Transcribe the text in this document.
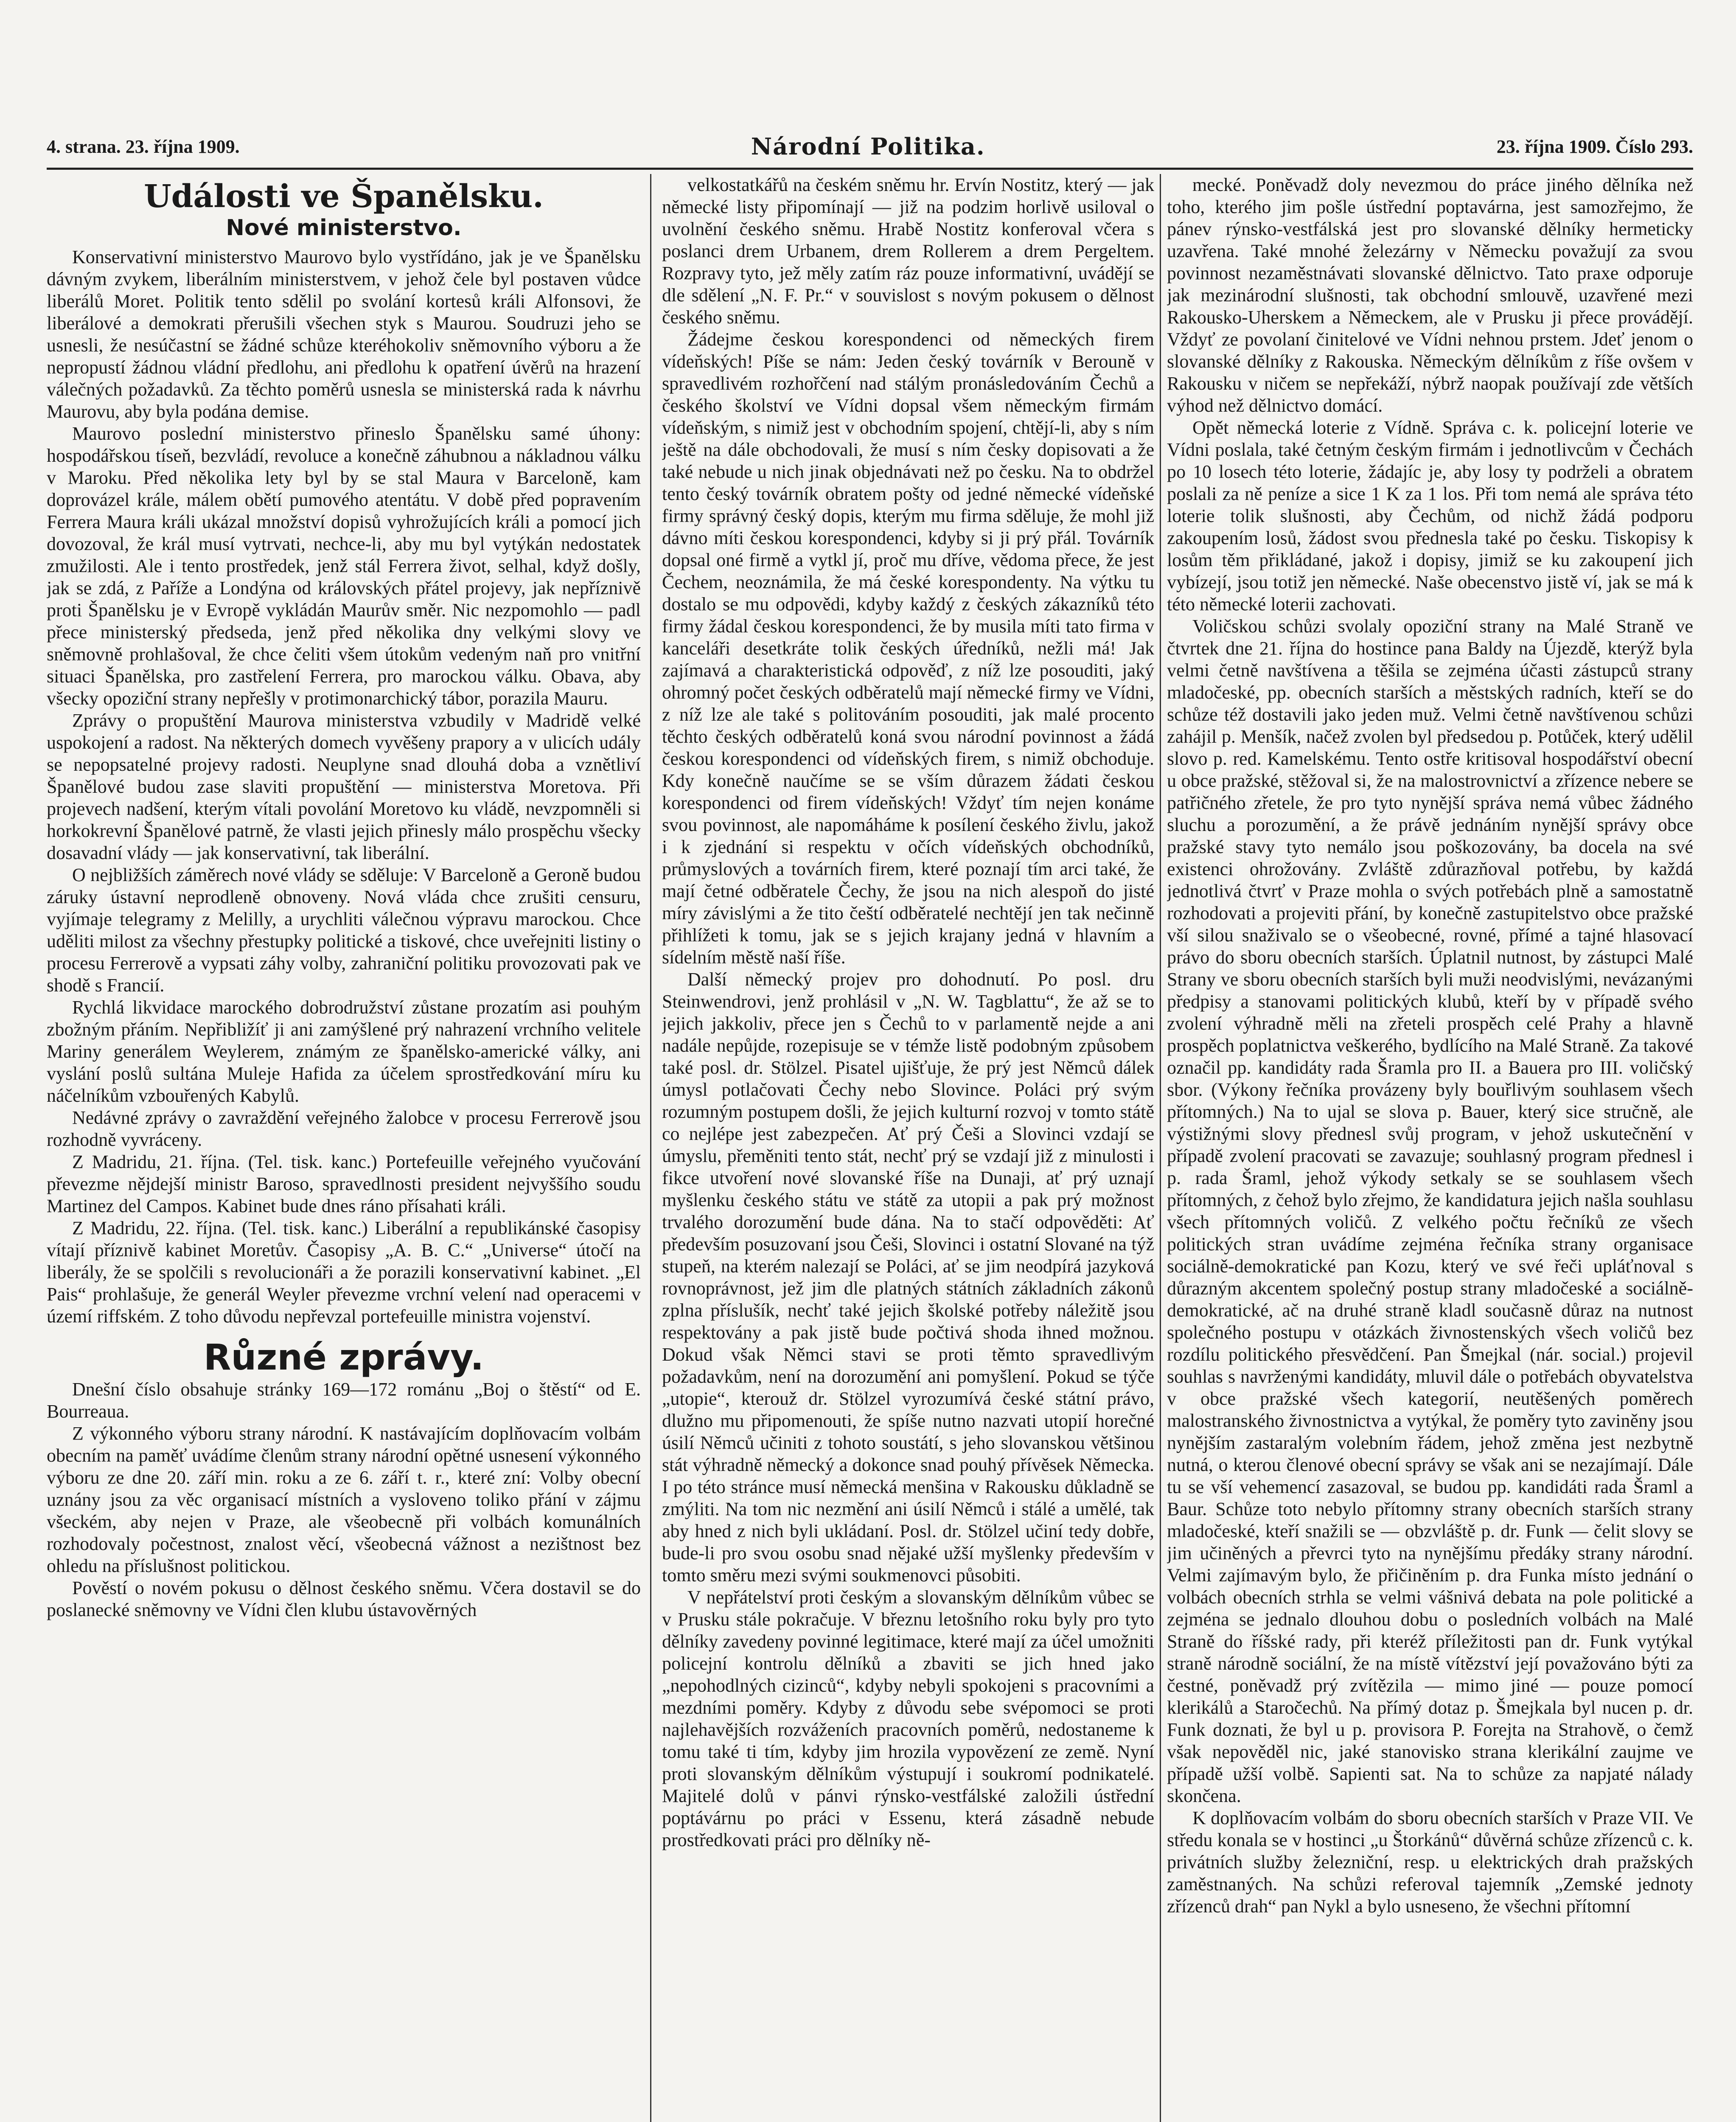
4. strana. 23. října 1909.	Národní Politika.	23. října 1909. Číslo 293.
Události ve Španělsku.
Nové ministerstvo.

Konservativní ministerstvo Maurovo bylo vystřídáno, jak je ve Španělsku dávným zvykem, liberálním ministerstvem, v jehož čele byl postaven vůdce liberálů Moret. Politik tento sdělil po svolání kortesů králi Alfonsovi, že liberálové a demokrati přerušili všechen styk s Maurou. Soudruzi jeho se usnesli, že nesúčastní se žádné schůze kteréhokoliv sněmovního výboru a že nepropustí žádnou vládní předlohu, ani předlohu k opatření úvěrů na hrazení válečných požadavků. Za těchto poměrů usnesla se ministerská rada k návrhu Maurovu, aby byla podána demise.

Maurovo poslední ministerstvo přineslo Španělsku samé úhony: hospodářskou tíseň, bezvládí, revoluce a konečně záhubnou a nákladnou válku v Maroku. Před několika lety byl by se stal Maura v Barceloně, kam doprovázel krále, málem obětí pumového atentátu. V době před popravením Ferrera Maura králi ukázal množství dopisů vyhrožujících králi a pomocí jich dovozoval, že král musí vytrvati, nechce-li, aby mu byl vytýkán nedostatek zmužilosti. Ale i tento prostředek, jenž stál Ferrera život, selhal, když došly, jak se zdá, z Paříže a Londýna od královských přátel projevy, jak nepříznivě proti Španělsku je v Evropě vykládán Maurův směr. Nic nezpomohlo — padl přece ministerský předseda, jenž před několika dny velkými slovy ve sněmovně prohlašoval, že chce čeliti všem útokům vedeným naň pro vnitřní situaci Španělska, pro zastřelení Ferrera, pro marockou válku. Obava, aby všecky opoziční strany nepřešly v protimonarchický tábor, porazila Mauru.

Zprávy o propuštění Maurova ministerstva vzbudily v Madridě velké uspokojení a radost. Na některých domech vyvěšeny prapory a v ulicích udály se nepopsatelné projevy radosti. Neuplyne snad dlouhá doba a vznětliví Španělové budou zase slaviti propuštění — ministerstva Moretova. Při projevech nadšení, kterým vítali povolání Moretovo ku vládě, nevzpomněli si horkokrevní Španělové patrně, že vlasti jejich přinesly málo prospěchu všecky dosavadní vlády — jak konservativní, tak liberální.

O nejbližších záměrech nové vlády se sděluje: V Barceloně a Geroně budou záruky ústavní neprodleně obnoveny. Nová vláda chce zrušiti censuru, vyjímaje telegramy z Melilly, a urychliti válečnou výpravu marockou. Chce uděliti milost za všechny přestupky politické a tiskové, chce uveřejniti listiny o procesu Ferrerově a vypsati záhy volby, zahraniční politiku provozovati pak ve shodě s Francií.

Rychlá likvidace marockého dobrodružství zůstane prozatím asi pouhým zbožným přáním. Nepřibližíť ji ani zamýšlené prý nahrazení vrchního velitele Mariny generálem Weylerem, známým ze španělsko-americké války, ani vyslání poslů sultána Muleje Hafida za účelem sprostředkování míru ku náčelníkům vzbouřených Kabylů.

Nedávné zprávy o zavraždění veřejného žalobce v procesu Ferrerově jsou rozhodně vyvráceny.

Z Madridu, 21. října. (Tel. tisk. kanc.) Portefeuille veřejného vyučování převezme nějdejší ministr Baroso, spravedlnosti president nejvyššího soudu Martinez del Campos. Kabinet bude dnes ráno přísahati králi.

Z Madridu, 22. října. (Tel. tisk. kanc.) Liberální a republikánské časopisy vítají příznivě kabinet Moretův. Časopisy „A. B. C.“ „Universe“ útočí na liberály, že se spolčili s revolucionáři a že porazili konservativní kabinet. „El Pais“ prohlašuje, že generál Weyler převezme vrchní velení nad operacemi v území riffském. Z toho důvodu nepřevzal portefeuille ministra vojenství.

Různé zprávy.

Dnešní číslo obsahuje stránky 169—172 románu „Boj o štěstí“ od E. Bourreaua.

Z výkonného výboru strany národní. K nastávajícím doplňovacím volbám obecním na paměť uvádíme členům strany národní opětné usnesení výkonného výboru ze dne 20. září min. roku a ze 6. září t. r., které zní: Volby obecní uznány jsou za věc organisací místních a vysloveno toliko přání v zájmu všeckém, aby nejen v Praze, ale všeobecně při volbách komunálních rozhodovaly počestnost, znalost věcí, všeobecná vážnost a nezištnost bez ohledu na příslušnost politickou.

Pověstí o novém pokusu o dělnost českého sněmu. Včera dostavil se do poslanecké sněmovny ve Vídni člen klubu ústavověrných

velkostatkářů na českém sněmu hr. Ervín Nostitz, který — jak německé listy připomínají — již na podzim horlivě usiloval o uvolnění českého sněmu. Hrabě Nostitz konferoval včera s poslanci drem Urbanem, drem Rollerem a drem Pergeltem. Rozpravy tyto, jež měly zatím ráz pouze informativní, uvádějí se dle sdělení „N. F. Pr.“ v souvislost s novým pokusem o dělnost českého sněmu.

Žádejme českou korespondenci od německých firem vídeňských! Píše se nám: Jeden český továrník v Berouně v spravedlivém rozhořčení nad stálým pronásledováním Čechů a českého školství ve Vídni dopsal všem německým firmám vídeňským, s nimiž jest v obchodním spojení, chtějí-li, aby s ním ještě na dále obchodovali, že musí s ním česky dopisovati a že také nebude u nich jinak objednávati než po česku. Na to obdržel tento český továrník obratem pošty od jedné německé vídeňské firmy správný český dopis, kterým mu firma sděluje, že mohl již dávno míti českou korespondenci, kdyby si ji prý přál. Továrník dopsal oné firmě a vytkl jí, proč mu dříve, vědoma přece, že jest Čechem, neoznámila, že má české korespondenty. Na výtku tu dostalo se mu odpovědi, kdyby každý z českých zákazníků této firmy žádal českou korespondenci, že by musila míti tato firma v kanceláři desetkráte tolik českých úředníků, nežli má! Jak zajímavá a charakteristická odpověď, z níž lze posouditi, jaký ohromný počet českých odběratelů mají německé firmy ve Vídni, z níž lze ale také s politováním posouditi, jak malé procento těchto českých odběratelů koná svou národní povinnost a žádá českou korespondenci od vídeňských firem, s nimiž obchoduje. Kdy konečně naučíme se se vším důrazem žádati českou korespondenci od firem vídeňských! Vždyť tím nejen konáme svou povinnost, ale napomáháme k posílení českého živlu, jakož i k zjednání si respektu v očích vídeňských obchodníků, průmyslových a továrních firem, které poznají tím arci také, že mají četné odběratele Čechy, že jsou na nich alespoň do jisté míry závislými a že tito čeští odběratelé nechtějí jen tak nečinně přihlížeti k tomu, jak se s jejich krajany jedná v hlavním a sídelním městě naší říše.

Další německý projev pro dohodnutí. Po posl. dru Steinwendrovi, jenž prohlásil v „N. W. Tagblattu“, že až se to jejich jakkoliv, přece jen s Čechů to v parlamentě nejde a ani nadále nepůjde, rozepisuje se v témže listě podobným způsobem také posl. dr. Stölzel. Pisatel ujišťuje, že prý jest Němců dálek úmysl potlačovati Čechy nebo Slovince. Poláci prý svým rozumným postupem došli, že jejich kulturní rozvoj v tomto státě co nejlépe jest zabezpečen. Ať prý Češi a Slovinci vzdají se úmyslu, přeměniti tento stát, nechť prý se vzdají již z minulosti i fikce utvoření nové slovanské říše na Dunaji, ať prý uznají myšlenku českého státu ve státě za utopii a pak prý možnost trvalého dorozumění bude dána. Na to stačí odpověděti: Ať především posuzovaní jsou Češi, Slovinci i ostatní Slované na týž stupeň, na kterém nalezají se Poláci, ať se jim neodpírá jazyková rovnoprávnost, jež jim dle platných státních základních zákonů zplna příslušík, nechť také jejich školské potřeby náležitě jsou respektovány a pak jistě bude počtivá shoda ihned možnou. Dokud však Němci stavi se proti těmto spravedlivým požadavkům, není na dorozumění ani pomyšlení. Pokud se týče „utopie“, kterouž dr. Stölzel vyrozumívá české státní právo, dlužno mu připomenouti, že spíše nutno nazvati utopií horečné úsilí Němců učiniti z tohoto soustátí, s jeho slovanskou většinou stát výhradně německý a dokonce snad pouhý přívěsek Německa. I po této stránce musí německá menšina v Rakousku důkladně se zmýliti. Na tom nic nezmění ani úsilí Němců i stálé a umělé, tak aby hned z nich byli ukládaní. Posl. dr. Stölzel učiní tedy dobře, bude-li pro svou osobu snad nějaké užší myšlenky především v tomto směru mezi svými soukmenovci působiti.

V nepřátelství proti českým a slovanským dělníkům vůbec se v Prusku stále pokračuje. V březnu letošního roku byly pro tyto dělníky zavedeny povinné legitimace, které mají za účel umožniti policejní kontrolu dělníků a zbaviti se jich hned jako „nepohodlných cizinců“, kdyby nebyli spokojeni s pracovními a mezdními poměry. Kdyby z důvodu sebe svépomoci se proti najlehavějších rozváženích pracovních poměrů, nedostaneme k tomu také ti tím, kdyby jim hrozila vypovězení ze země. Nyní proti slovanským dělníkům výstupují i soukromí podnikatelé. Majitelé dolů v pánvi rýnsko-vestfálské založili ústřední poptávárnu po práci v Essenu, která zásadně nebude prostředkovati práci pro dělníky ně-

mecké. Poněvadž doly nevezmou do práce jiného dělníka než toho, kterého jim pošle ústřední poptavárna, jest samozřejmo, že pánev rýnsko-vestfálská jest pro slovanské dělníky hermeticky uzavřena. Také mnohé železárny v Německu považují za svou povinnost nezaměstnávati slovanské dělnictvo. Tato praxe odporuje jak mezinárodní slušnosti, tak obchodní smlouvě, uzavřené mezi Rakousko-Uherskem a Německem, ale v Prusku ji přece provádějí. Vždyť ze povolaní činitelové ve Vídni nehnou prstem. Jdeť jenom o slovanské dělníky z Rakouska. Německým dělníkům z říše ovšem v Rakousku v ničem se nepřekáží, nýbrž naopak používají zde větších výhod než dělnictvo domácí.

Opět německá loterie z Vídně. Správa c. k. policejní loterie ve Vídni poslala, také četným českým firmám i jednotlivcům v Čechách po 10 losech této loterie, žádajíc je, aby losy ty podrželi a obratem poslali za ně peníze a sice 1 K za 1 los. Při tom nemá ale správa této loterie tolik slušnosti, aby Čechům, od nichž žádá podporu zakoupením losů, žádost svou přednesla také po česku. Tiskopisy k losům těm přikládané, jakož i dopisy, jimiž se ku zakoupení jich vybízejí, jsou totiž jen německé. Naše obecenstvo jistě ví, jak se má k této německé loterii zachovati.

Voličskou schůzi svolaly opoziční strany na Malé Straně ve čtvrtek dne 21. října do hostince pana Baldy na Újezdě, kterýž byla velmi četně navštívena a těšila se zejména účasti zástupců strany mladočeské, pp. obecních starších a městských radních, kteří se do schůze též dostavili jako jeden muž. Velmi četně navštívenou schůzi zahájil p. Menšík, načež zvolen byl předsedou p. Potůček, který udělil slovo p. red. Kamelskému. Tento ostře kritisoval hospodářství obecní u obce pražské, stěžoval si, že na malostrovnictví a zřízence nebere se patřičného zřetele, že pro tyto nynější správa nemá vůbec žádného sluchu a porozumění, a že právě jednáním nynější správy obce pražské stavy tyto nemálo jsou poškozovány, ba docela na své existenci ohrožovány. Zvláště zdůrazňoval potřebu, by každá jednotlivá čtvrť v Praze mohla o svých potřebách plně a samostatně rozhodovati a projeviti přání, by konečně zastupitelstvo obce pražské vší silou snaživalo se o všeobecné, rovné, přímé a tajné hlasovací právo do sboru obecních starších. Úplatnil nutnost, by zástupci Malé Strany ve sboru obecních starších byli muži neodvislými, nevázanými předpisy a stanovami politických klubů, kteří by v případě svého zvolení výhradně měli na zřeteli prospěch celé Prahy a hlavně prospěch poplatnictva veškerého, bydlícího na Malé Straně. Za takové označil pp. kandidáty rada Šramla pro II. a Bauera pro III. voličský sbor. (Výkony řečníka provázeny byly bouřlivým souhlasem všech přítomných.) Na to ujal se slova p. Bauer, který sice stručně, ale výstižnými slovy přednesl svůj program, v jehož uskutečnění v případě zvolení pracovati se zavazuje; souhlasný program přednesl i p. rada Šraml, jehož výkody setkaly se se souhlasem všech přítomných, z čehož bylo zřejmo, že kandidatura jejich našla souhlasu všech přítomných voličů. Z velkého počtu řečníků ze všech politických stran uvádíme zejména řečníka strany organisace sociálně-demokratické pan Kozu, který ve své řeči upláťnoval s důrazným akcentem společný postup strany mladočeské a sociálně-demokratické, ač na druhé straně kladl současně důraz na nutnost společného postupu v otázkách živnostenských všech voličů bez rozdílu politického přesvědčení. Pan Šmejkal (nár. social.) projevil souhlas s navrženými kandidáty, mluvil dále o potřebách obyvatelstva v obce pražské všech kategorií, neutěšených poměrech malostranského živnostnictva a vytýkal, že poměry tyto zaviněny jsou nynějším zastaralým volebním řádem, jehož změna jest nezbytně nutná, o kterou členové obecní správy se však ani se nezajímají. Dále tu se vší vehemencí zasazoval, se budou pp. kandidáti rada Šraml a Baur. Schůze toto nebylo přítomny strany obecních starších strany mladočeské, kteří snažili se — obzvláště p. dr. Funk — čelit slovy se jim učiněných a převrci tyto na nynějšímu předáky strany národní. Velmi zajímavým bylo, že přičiněním p. dra Funka místo jednání o volbách obecních strhla se velmi vášnivá debata na pole politické a zejména se jednalo dlouhou dobu o posledních volbách na Malé Straně do říšské rady, při kteréž příležitosti pan dr. Funk vytýkal straně národně sociální, že na místě vítězství její považováno býti za čestné, poněvadž prý zvítězila — mimo jiné — pouze pomocí klerikálů a Staročechů. Na přímý dotaz p. Šmejkala byl nucen p. dr. Funk doznati, že byl u p. provisora P. Forejta na Strahově, o čemž však nepověděl nic, jaké stanovisko strana klerikální zaujme ve případě užší volbě. Sapienti sat. Na to schůze za napjaté nálady skončena.

K doplňovacím volbám do sboru obecních starších v Praze VII. Ve středu konala se v hostinci „u Štorkánů“ důvěrná schůze zřízenců c. k. privátních služby železniční, resp. u elektrických drah pražských zaměstnaných. Na schůzi referoval tajemník „Zemské jednoty zřízenců drah“ pan Nykl a bylo usneseno, že všechni přítomní
